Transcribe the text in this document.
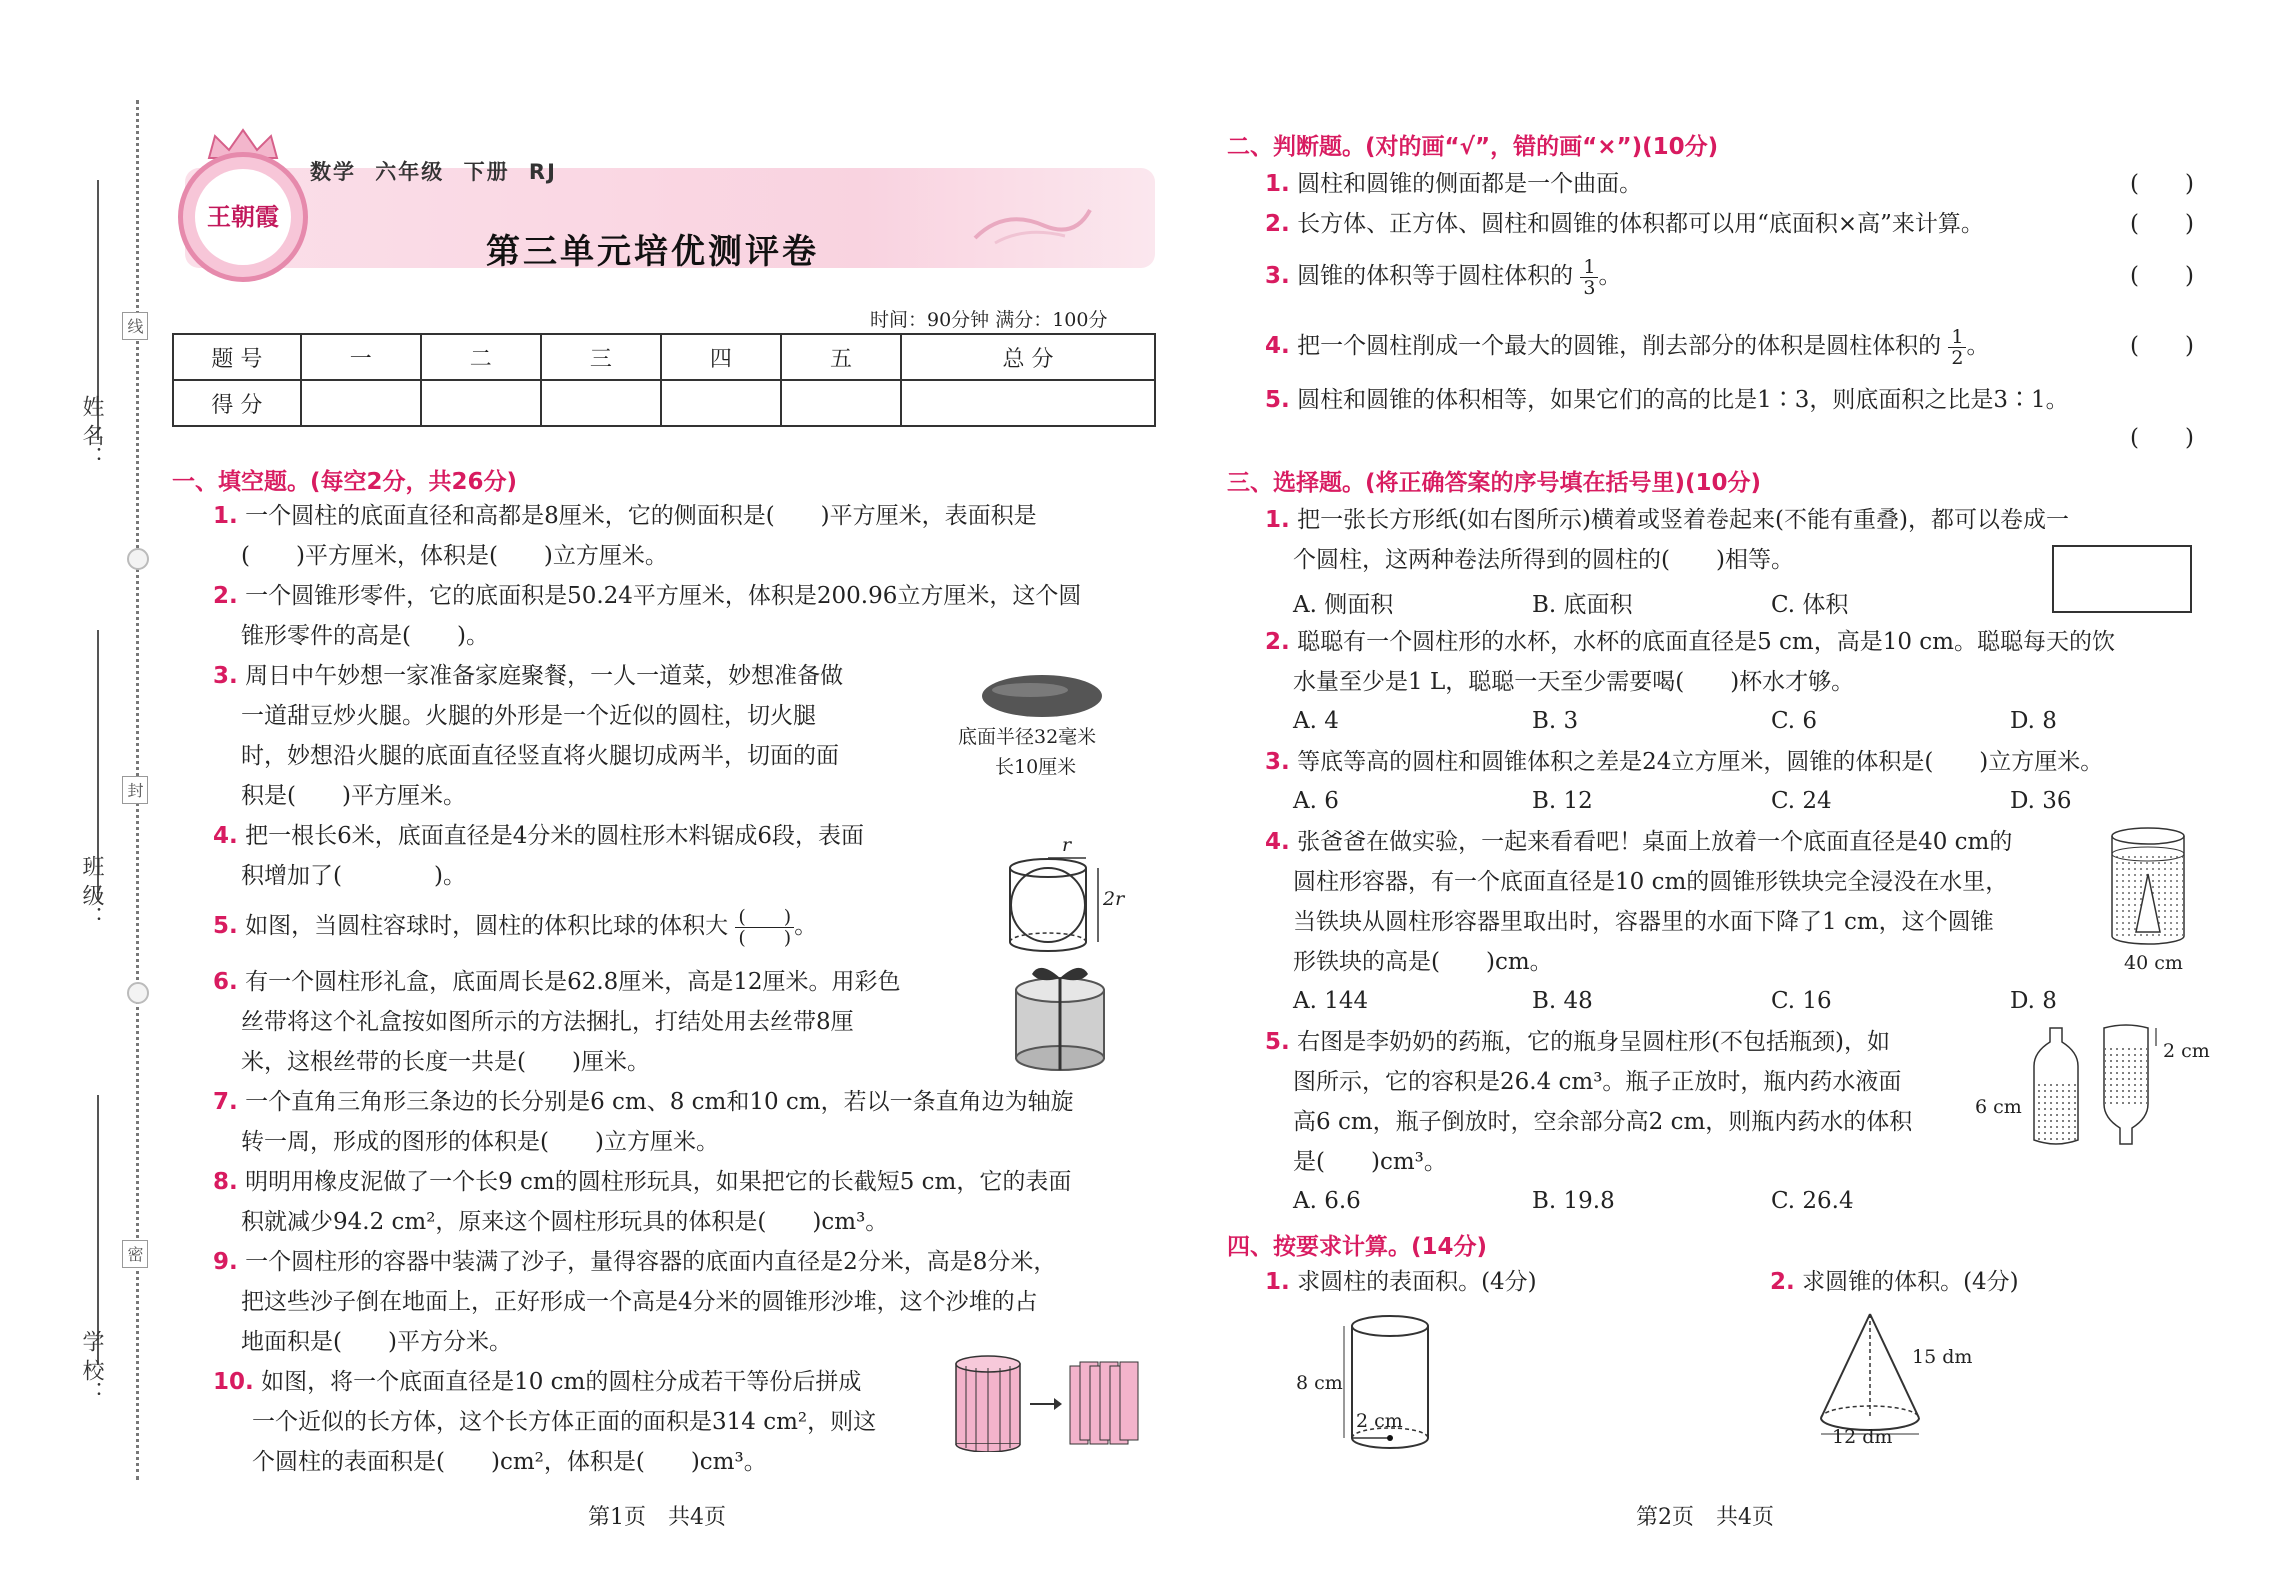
姓 名：
班 级：
学 校：
线
封
密
王朝霞
数学 六年级 下册 RJ
第三单元培优测评卷
时间：90分钟 满分：100分
题 号	一	二	三	四	五	总 分
得 分						
一、填空题。(每空2分，共26分)
1. 一个圆柱的底面直径和高都是8厘米，它的侧面积是(　　)平方厘米，表面积是
(　　)平方厘米，体积是(　　)立方厘米。
2. 一个圆锥形零件，它的底面积是50.24平方厘米，体积是200.96立方厘米，这个圆
锥形零件的高是(　　)。
3. 周日中午妙想一家准备家庭聚餐，一人一道菜，妙想准备做
一道甜豆炒火腿。火腿的外形是一个近似的圆柱，切火腿
时，妙想沿火腿的底面直径竖直将火腿切成两半，切面的面
积是(　　)平方厘米。
底面半径32毫米
长10厘米
4. 把一根长6米，底面直径是4分米的圆柱形木料锯成6段，表面
积增加了(　　　　)。
5. 如图，当圆柱容球时，圆柱的体积比球的体积大 $\frac{( )}{( )}$ 。
r
2r
6. 有一个圆柱形礼盒，底面周长是62.8厘米，高是12厘米。用彩色
丝带将这个礼盒按如图所示的方法捆扎，打结处用去丝带8厘
米，这根丝带的长度一共是(　　)厘米。
7. 一个直角三角形三条边的长分别是6 cm、8 cm和10 cm，若以一条直角边为轴旋
转一周，形成的图形的体积是(　　)立方厘米。
8. 明明用橡皮泥做了一个长9 cm的圆柱形玩具，如果把它的长截短5 cm，它的表面
积就减少94.2 cm²，原来这个圆柱形玩具的体积是(　　)cm³。
9. 一个圆柱形的容器中装满了沙子，量得容器的底面内直径是2分米，高是8分米，
把这些沙子倒在地面上，正好形成一个高是4分米的圆锥形沙堆，这个沙堆的占
地面积是(　　)平方分米。
10. 如图，将一个底面直径是10 cm的圆柱分成若干等份后拼成
一个近似的长方体，这个长方体正面的面积是314 cm²，则这
个圆柱的表面积是(　　)cm²，体积是(　　)cm³。
第1页　共4页
二、判断题。(对的画“√”，错的画“×”)(10分)
1. 圆柱和圆锥的侧面都是一个曲面。	(　　)
2. 长方体、正方体、圆柱和圆锥的体积都可以用“底面积×高”来计算。	(　　)
3. 圆锥的体积等于圆柱体积的 $\frac{1}{3}$ 。	(　　)
4. 把一个圆柱削成一个最大的圆锥，削去部分的体积是圆柱体积的 $\frac{1}{2}$ 。	(　　)
5. 圆柱和圆锥的体积相等，如果它们的高的比是1∶3，则底面积之比是3∶1。
(　　)
三、选择题。(将正确答案的序号填在括号里)(10分)
1. 把一张长方形纸(如右图所示)横着或竖着卷起来(不能有重叠)，都可以卷成一
个圆柱，这两种卷法所得到的圆柱的(　　)相等。
A. 侧面积	B. 底面积	C. 体积
2. 聪聪有一个圆柱形的水杯，水杯的底面直径是5 cm，高是10 cm。聪聪每天的饮
水量至少是1 L，聪聪一天至少需要喝(　　)杯水才够。
A. 4	B. 3	C. 6	D. 8
3. 等底等高的圆柱和圆锥体积之差是24立方厘米，圆锥的体积是(　　)立方厘米。
A. 6	B. 12	C. 24	D. 36
4. 张爸爸在做实验，一起来看看吧！桌面上放着一个底面直径是40 cm的
圆柱形容器，有一个底面直径是10 cm的圆锥形铁块完全浸没在水里，
当铁块从圆柱形容器里取出时，容器里的水面下降了1 cm，这个圆锥
形铁块的高是(　　)cm。	40 cm
A. 144	B. 48	C. 16	D. 8
5. 右图是李奶奶的药瓶，它的瓶身呈圆柱形(不包括瓶颈)，如
图所示，它的容积是26.4 cm³。瓶子正放时，瓶内药水液面
高6 cm，瓶子倒放时，空余部分高2 cm，则瓶内药水的体积
是(　　)cm³。
6 cm
2 cm
A. 6.6	B. 19.8	C. 26.4
四、按要求计算。(14分)
1. 求圆柱的表面积。(4分)	2. 求圆锥的体积。(4分)
8 cm
2 cm
15 dm
12 dm
第2页　共4页
